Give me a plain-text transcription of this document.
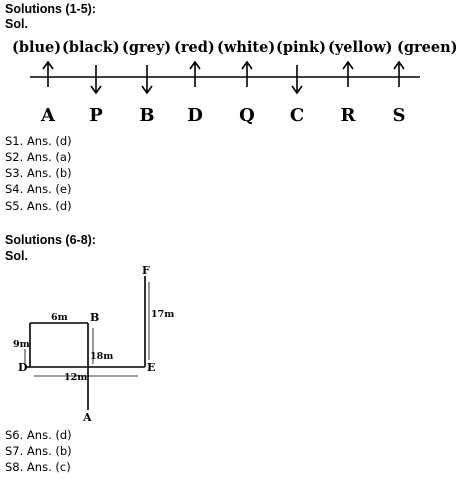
Solutions (1-5):
Sol.
(blue) (black) (grey) (red) (white) (pink) (yellow) (green)
A P B D Q C R S
S1. Ans. (d)
S2. Ans. (a)
S3. Ans. (b)
S4. Ans. (e)
S5. Ans. (d)
Solutions (6-8):
Sol.
F
B
D	E
A
6m
9m
17m
18m
12m
S6. Ans. (d)
S7. Ans. (b)
S8. Ans. (c)
